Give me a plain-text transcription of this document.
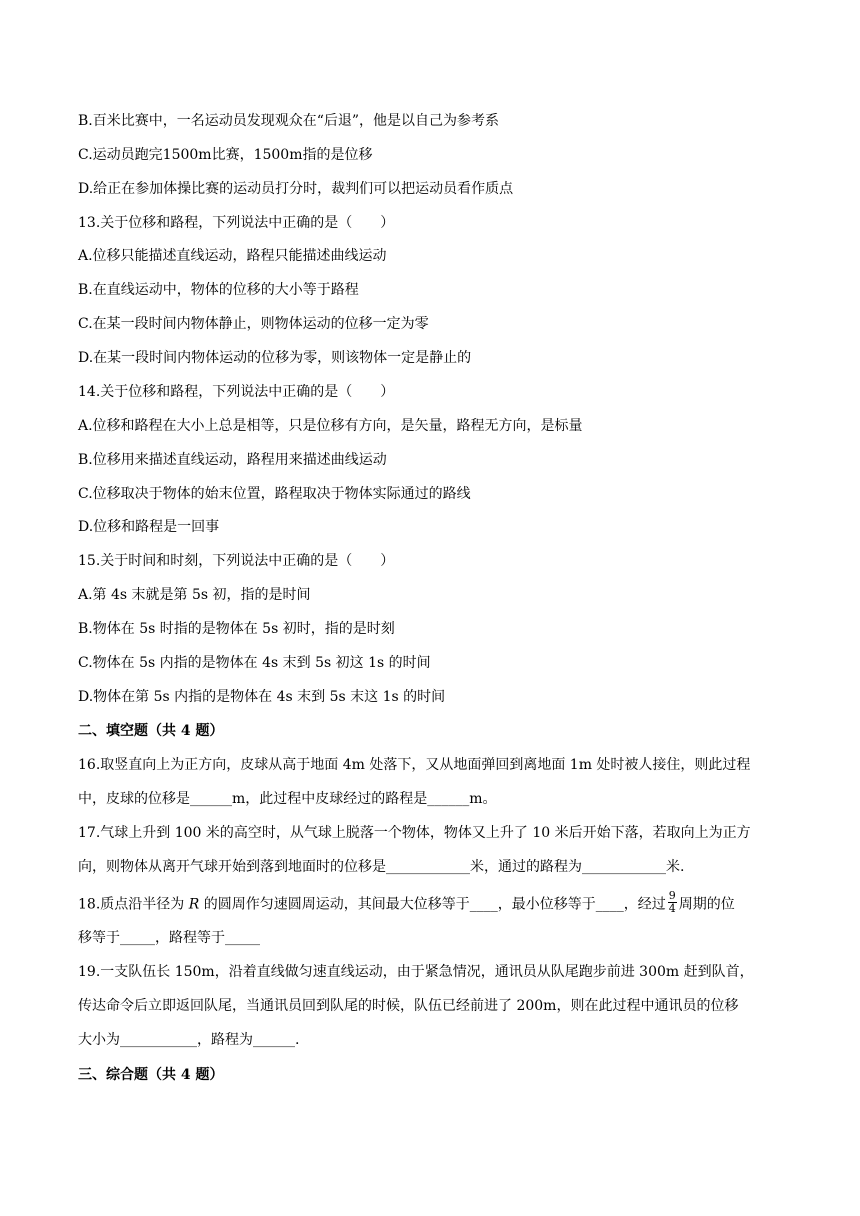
B.百米比赛中，一名运动员发现观众在“后退”，他是以自己为参考系
C.运动员跑完1500m比赛，1500m指的是位移
D.给正在参加体操比赛的运动员打分时，裁判们可以把运动员看作质点
13.关于位移和路程，下列说法中正确的是（　　）
A.位移只能描述直线运动，路程只能描述曲线运动
B.在直线运动中，物体的位移的大小等于路程
C.在某一段时间内物体静止，则物体运动的位移一定为零
D.在某一段时间内物体运动的位移为零，则该物体一定是静止的
14.关于位移和路程，下列说法中正确的是（　　）
A.位移和路程在大小上总是相等，只是位移有方向，是矢量，路程无方向，是标量
B.位移用来描述直线运动，路程用来描述曲线运动
C.位移取决于物体的始末位置，路程取决于物体实际通过的路线
D.位移和路程是一回事
15.关于时间和时刻，下列说法中正确的是（　　）
A.第 4s 末就是第 5s 初，指的是时间
B.物体在 5s 时指的是物体在 5s 初时，指的是时刻
C.物体在 5s 内指的是物体在 4s 末到 5s 初这 1s 的时间
D.物体在第 5s 内指的是物体在 4s 末到 5s 末这 1s 的时间
二、填空题（共 4 题）
16.取竖直向上为正方向，皮球从高于地面 4m 处落下，又从地面弹回到离地面 1m 处时被人接住，则此过程
中，皮球的位移是______m，此过程中皮球经过的路程是______m。
17.气球上升到 100 米的高空时，从气球上脱落一个物体，物体又上升了 10 米后开始下落，若取向上为正方
向，则物体从离开气球开始到落到地面时的位移是____________米，通过的路程为____________米.
18.质点沿半径为 R 的圆周作匀速圆周运动，其间最大位移等于____，最小位移等于____，经过 $\frac{9}{4}$ 周期的位
移等于_____，路程等于_____
19.一支队伍长 150m，沿着直线做匀速直线运动，由于紧急情况，通讯员从队尾跑步前进 300m 赶到队首，
传达命令后立即返回队尾，当通讯员回到队尾的时候，队伍已经前进了 200m，则在此过程中通讯员的位移
大小为___________，路程为______.
三、综合题（共 4 题）
